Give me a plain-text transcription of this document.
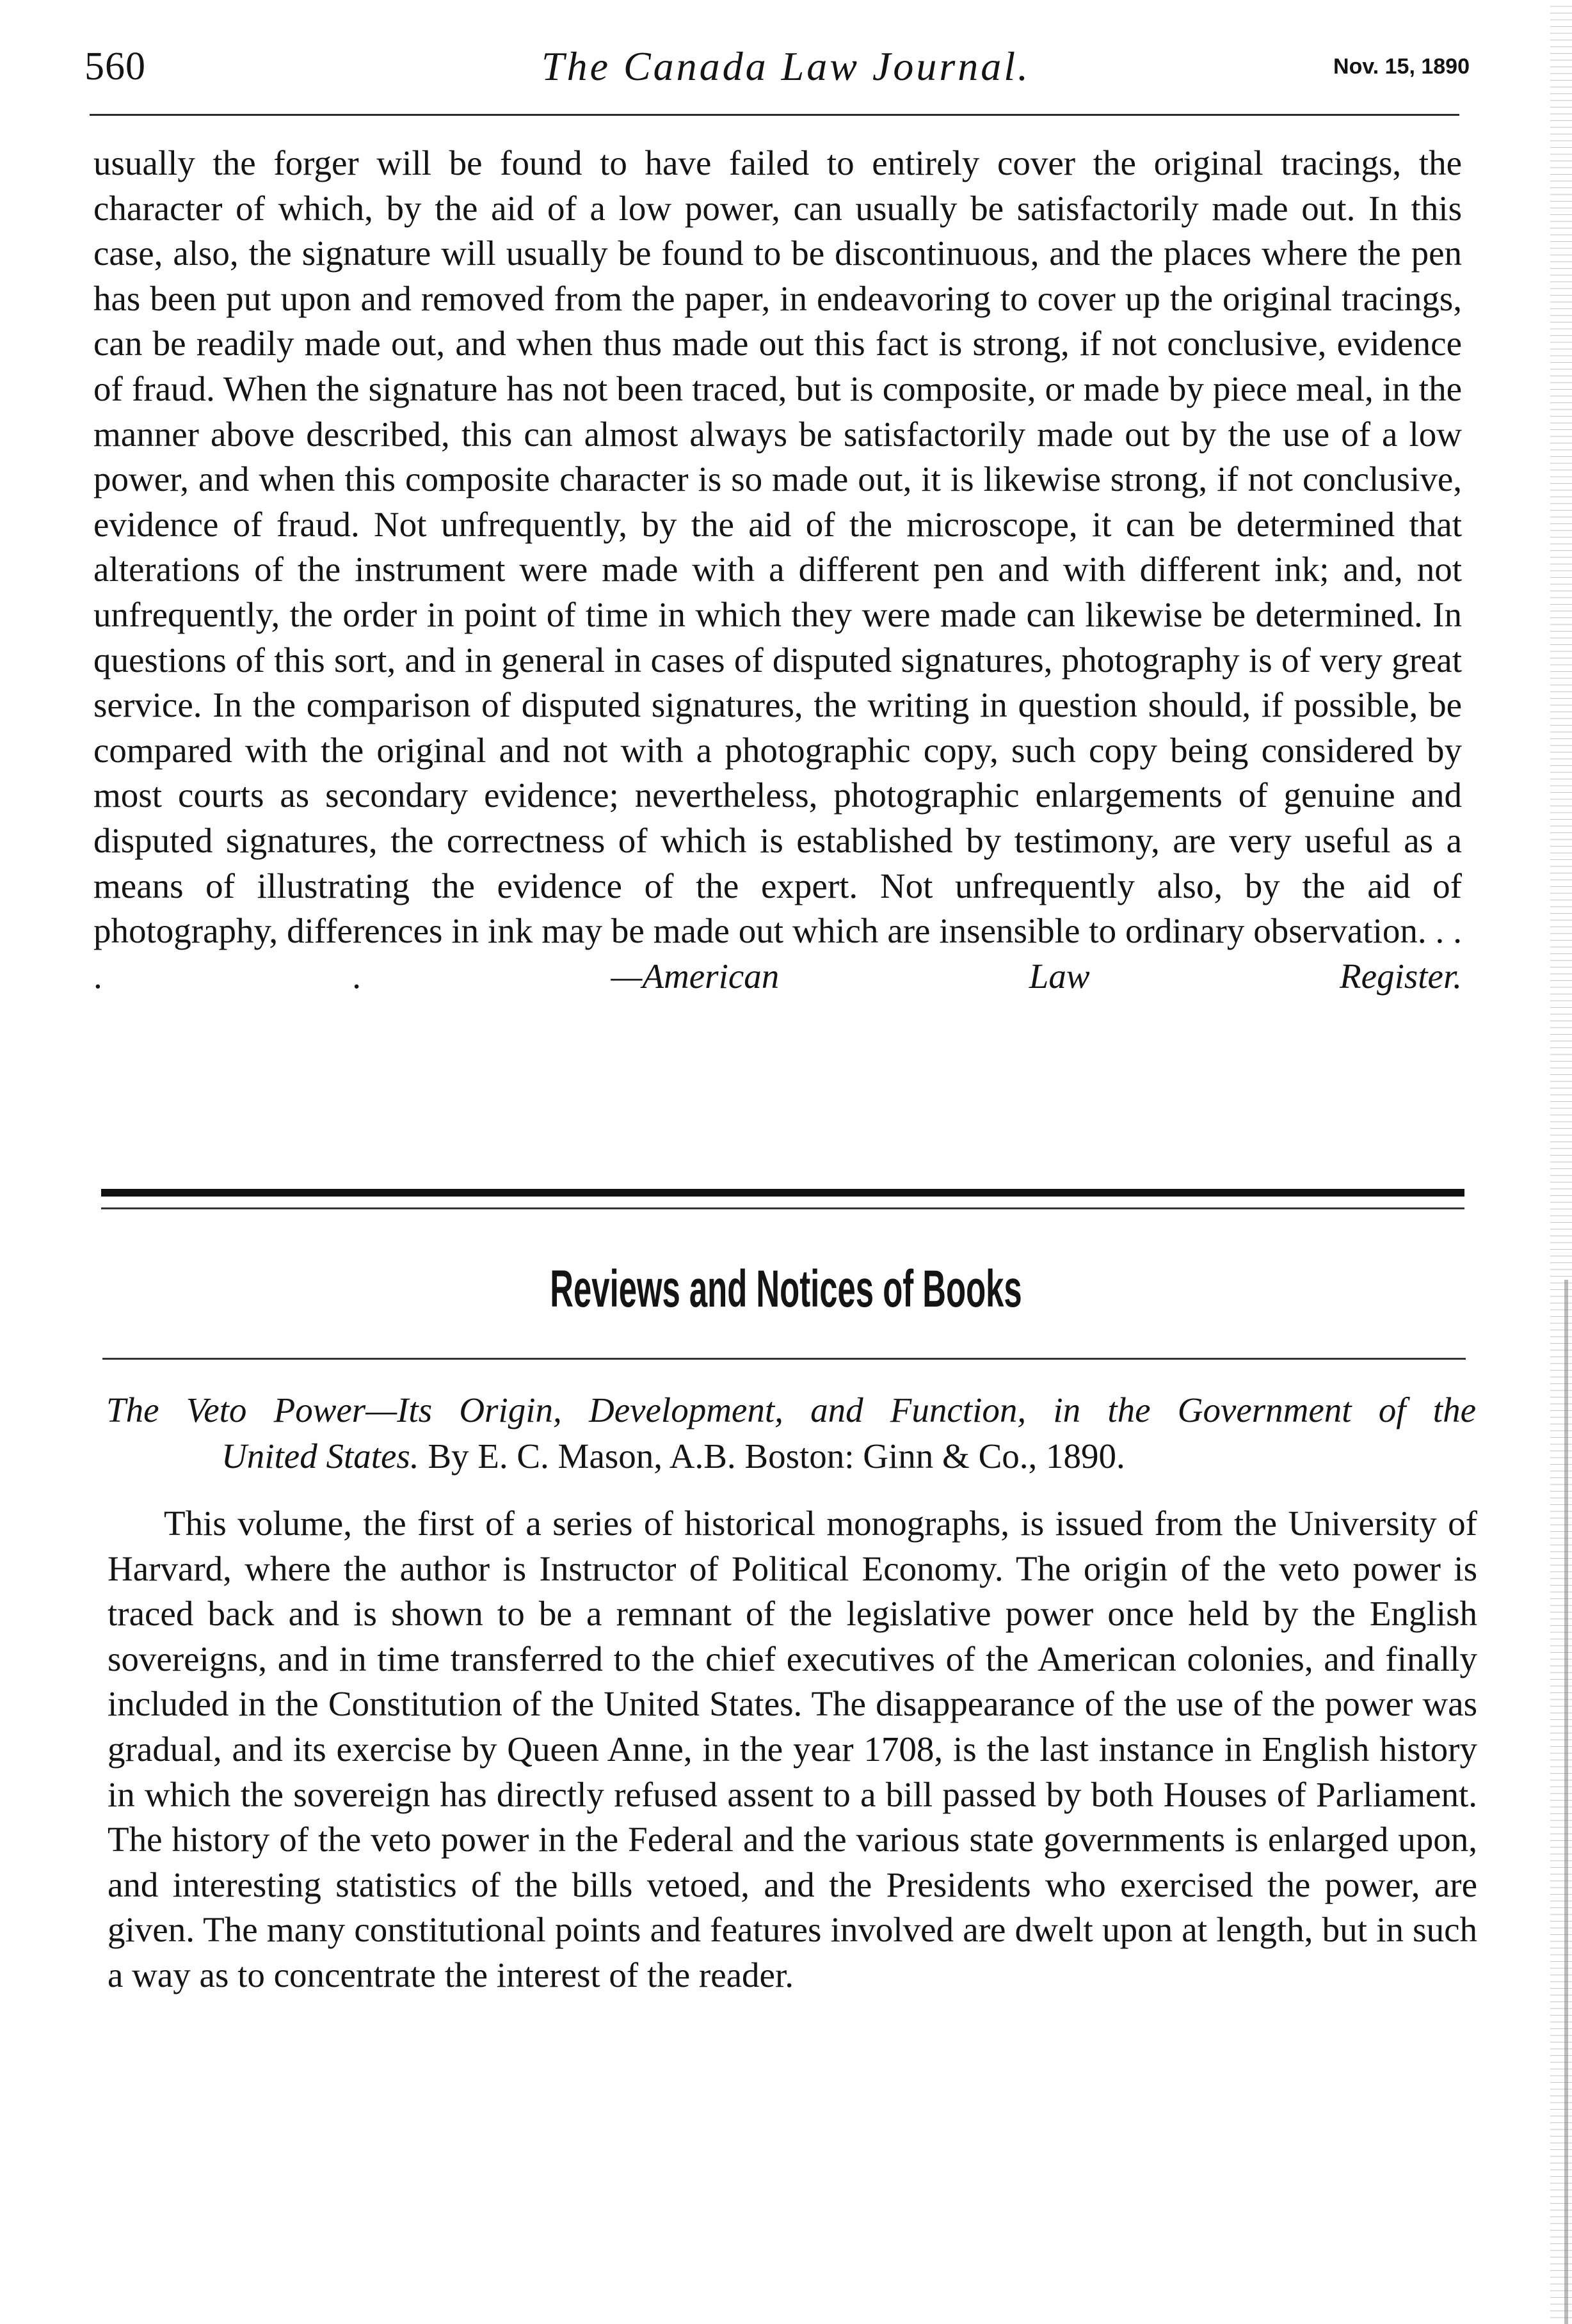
560	The Canada Law Journal.	Nov. 15, 1890

usually the forger will be found to have failed to entirely cover the original tracings, the character of which, by the aid of a low power, can usually be satisfactorily made out. In this case, also, the signature will usually be found to be discontinuous, and the places where the pen has been put upon and removed from the paper, in endeavoring to cover up the original tracings, can be readily made out, and when thus made out this fact is strong, if not conclusive, evidence of fraud. When the signature has not been traced, but is composite, or made by piece meal, in the manner above described, this can almost always be satisfactorily made out by the use of a low power, and when this composite character is so made out, it is likewise strong, if not conclusive, evidence of fraud. Not unfrequently, by the aid of the microscope, it can be determined that alterations of the instrument were made with a different pen and with different ink; and, not unfrequently, the order in point of time in which they were made can likewise be determined. In questions of this sort, and in general in cases of disputed signatures, photography is of very great service. In the comparison of disputed signatures, the writing in question should, if possible, be compared with the original and not with a photographic copy, such copy being considered by most courts as secondary evidence; nevertheless, photographic enlargements of genuine and disputed signatures, the correctness of which is established by testimony, are very useful as a means of illustrating the evidence of the expert. Not unfrequently also, by the aid of photography, differences in ink may be made out which are insensible to ordinary observation. . . . .	—American Law Register.

Reviews and Notices of Books

The Veto Power—Its Origin, Development, and Function, in the Government of the
United States. By E. C. Mason, A.B. Boston: Ginn & Co., 1890.

This volume, the first of a series of historical monographs, is issued from the University of Harvard, where the author is Instructor of Political Economy. The origin of the veto power is traced back and is shown to be a remnant of the legislative power once held by the English sovereigns, and in time transferred to the chief executives of the American colonies, and finally included in the Constitution of the United States. The disappearance of the use of the power was gradual, and its exercise by Queen Anne, in the year 1708, is the last instance in English history in which the sovereign has directly refused assent to a bill passed by both Houses of Parliament. The history of the veto power in the Federal and the various state governments is enlarged upon, and interesting statistics of the bills vetoed, and the Presidents who exercised the power, are given. The many constitutional points and features involved are dwelt upon at length, but in such a way as to concentrate the interest of the reader.
